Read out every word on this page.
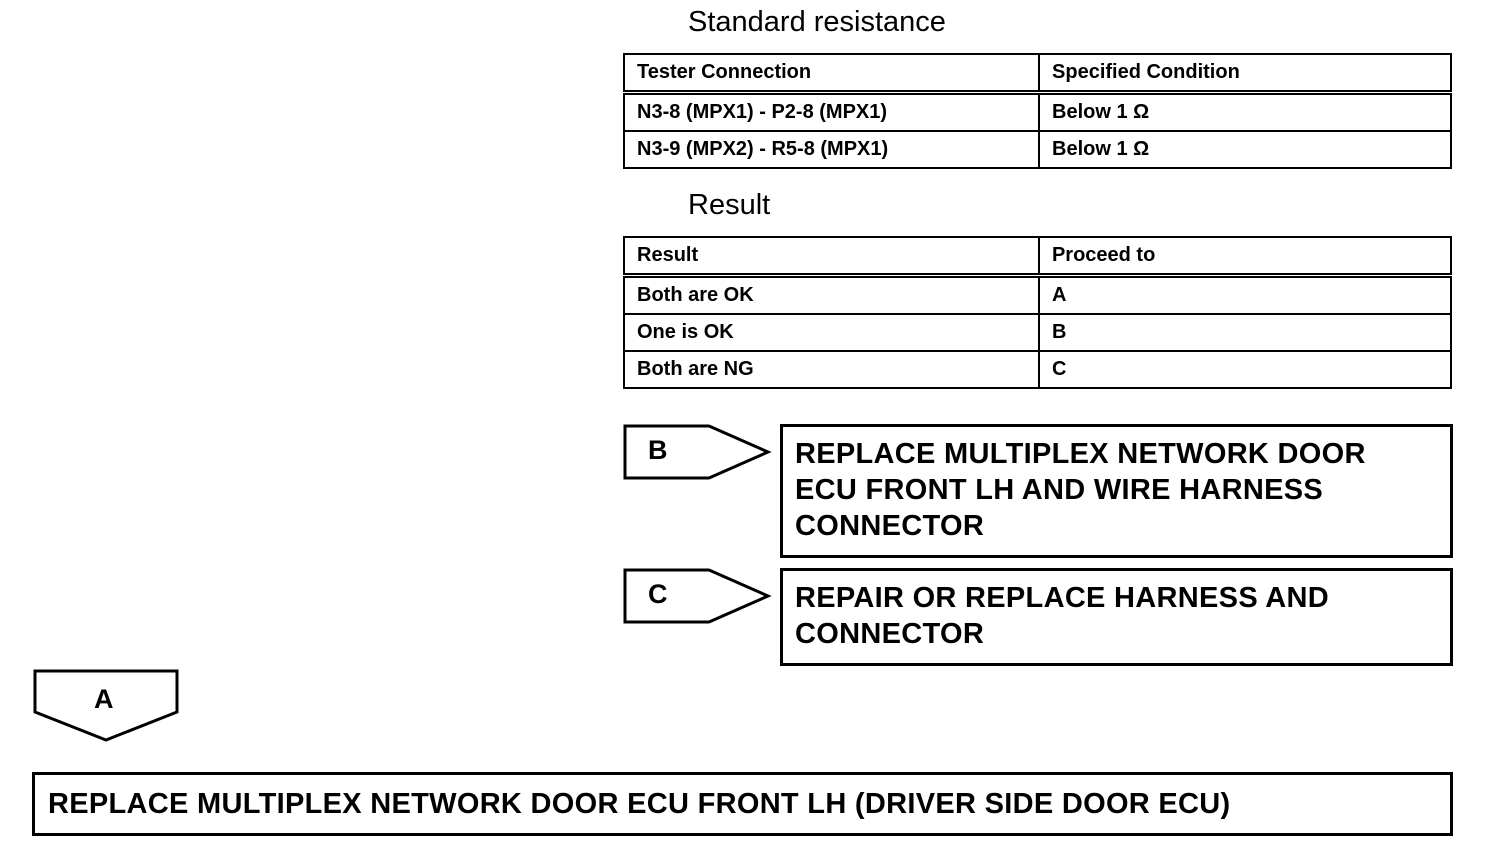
Standard resistance
Tester Connection	Specified Condition
N3-8 (MPX1) - P2-8 (MPX1)	Below 1 Ω
N3-9 (MPX2) - R5-8 (MPX1)	Below 1 Ω
Result
Result	Proceed to
Both are OK	A
One is OK	B
Both are NG	C
B	REPLACE MULTIPLEX NETWORK DOOR
ECU FRONT LH AND WIRE HARNESS
CONNECTOR
C	REPAIR OR REPLACE HARNESS AND
CONNECTOR
A
REPLACE MULTIPLEX NETWORK DOOR ECU FRONT LH (DRIVER SIDE DOOR ECU)
